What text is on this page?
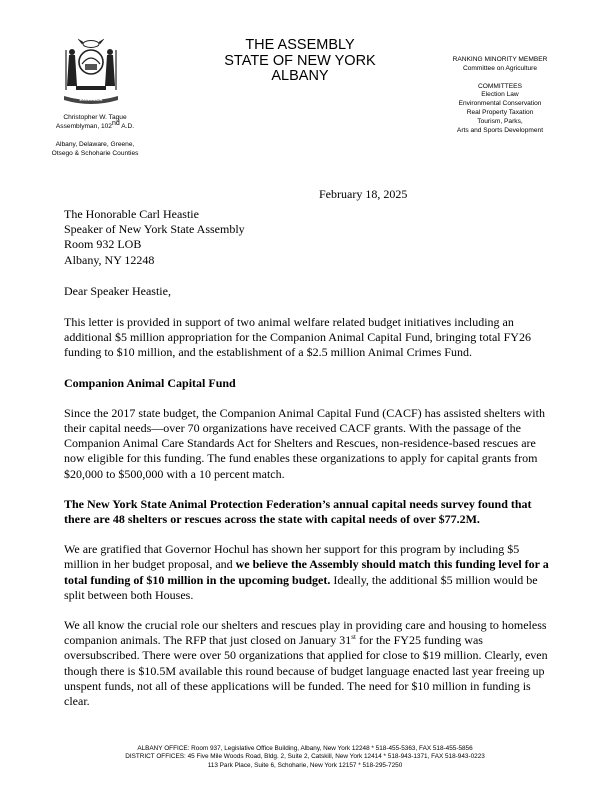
EXCELSIOR
Christopher W. Tague
Assemblyman, 102nd A.D.
Albany, Delaware, Greene,
Otsego & Schoharie Counties
THE ASSEMBLY
STATE OF NEW YORK
ALBANY
RANKING MINORITY MEMBER
Committee on Agriculture
COMMITTEES
Election Law
Environmental Conservation
Real Property Taxation
Tourism, Parks,
Arts and Sports Development
February 18, 2025

The Honorable Carl Heastie

Speaker of New York State Assembly

Room 932 LOB

Albany, NY 12248

Dear Speaker Heastie,

This letter is provided in support of two animal welfare related budget initiatives including an additional $5 million appropriation for the Companion Animal Capital Fund, bringing total FY26 funding to $10 million, and the establishment of a $2.5 million Animal Crimes Fund.

Companion Animal Capital Fund

Since the 2017 state budget, the Companion Animal Capital Fund (CACF) has assisted shelters with their capital needs—over 70 organizations have received CACF grants. With the passage of the Companion Animal Care Standards Act for Shelters and Rescues, non-residence-based rescues are now eligible for this funding. The fund enables these organizations to apply for capital grants from $20,000 to $500,000 with a 10 percent match.

The New York State Animal Protection Federation’s annual capital needs survey found that there are 48 shelters or rescues across the state with capital needs of over $77.2M.

We are gratified that Governor Hochul has shown her support for this program by including $5 million in her budget proposal, and we believe the Assembly should match this funding level for a total funding of $10 million in the upcoming budget. Ideally, the additional $5 million would be split between both Houses.

We all know the crucial role our shelters and rescues play in providing care and housing to homeless companion animals. The RFP that just closed on January 31st for the FY25 funding was oversubscribed. There were over 50 organizations that applied for close to $19 million. Clearly, even though there is $10.5M available this round because of budget language enacted last year freeing up unspent funds, not all of these applications will be funded. The need for $10 million in funding is clear.

ALBANY OFFICE: Room 937, Legislative Office Building, Albany, New York 12248 * 518-455-5363, FAX 518-455-5856
DISTRICT OFFICES: 45 Five Mile Woods Road, Bldg. 2, Suite 2, Catskill, New York 12414 * 518-943-1371, FAX 518-943-0223
113 Park Place, Suite 6, Schoharie, New York 12157 * 518-295-7250
